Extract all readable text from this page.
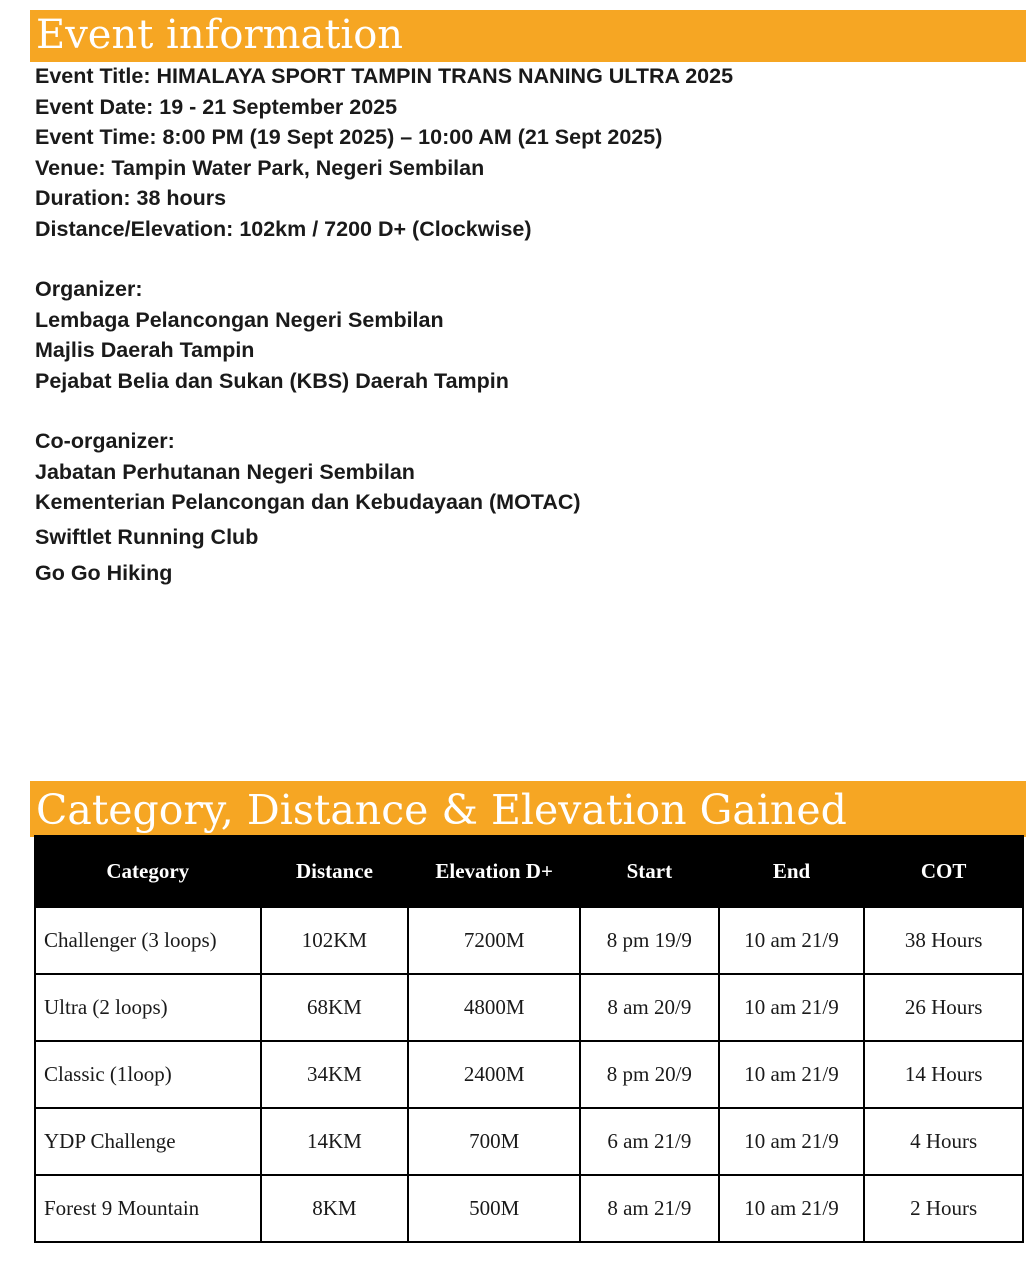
Event information
Event Title: HIMALAYA SPORT TAMPIN TRANS NANING ULTRA 2025
Event Date: 19 - 21 September 2025
Event Time: 8:00 PM (19 Sept 2025) – 10:00 AM (21 Sept 2025)
Venue: Tampin Water Park, Negeri Sembilan
Duration: 38 hours
Distance/Elevation: 102km / 7200 D+ (Clockwise)
Organizer:
Lembaga Pelancongan Negeri Sembilan
Majlis Daerah Tampin
Pejabat Belia dan Sukan (KBS) Daerah Tampin
Co-organizer:
Jabatan Perhutanan Negeri Sembilan
Kementerian Pelancongan dan Kebudayaan (MOTAC)
Swiftlet Running Club
Go Go Hiking
Category, Distance & Elevation Gained
Category	Distance	Elevation D+	Start	End	COT
Challenger (3 loops)	102KM	7200M	8 pm 19/9	10 am 21/9	38 Hours
Ultra (2 loops)	68KM	4800M	8 am 20/9	10 am 21/9	26 Hours
Classic (1loop)	34KM	2400M	8 pm 20/9	10 am 21/9	14 Hours
YDP Challenge	14KM	700M	6 am 21/9	10 am 21/9	4 Hours
Forest 9 Mountain	8KM	500M	8 am 21/9	10 am 21/9	2 Hours
